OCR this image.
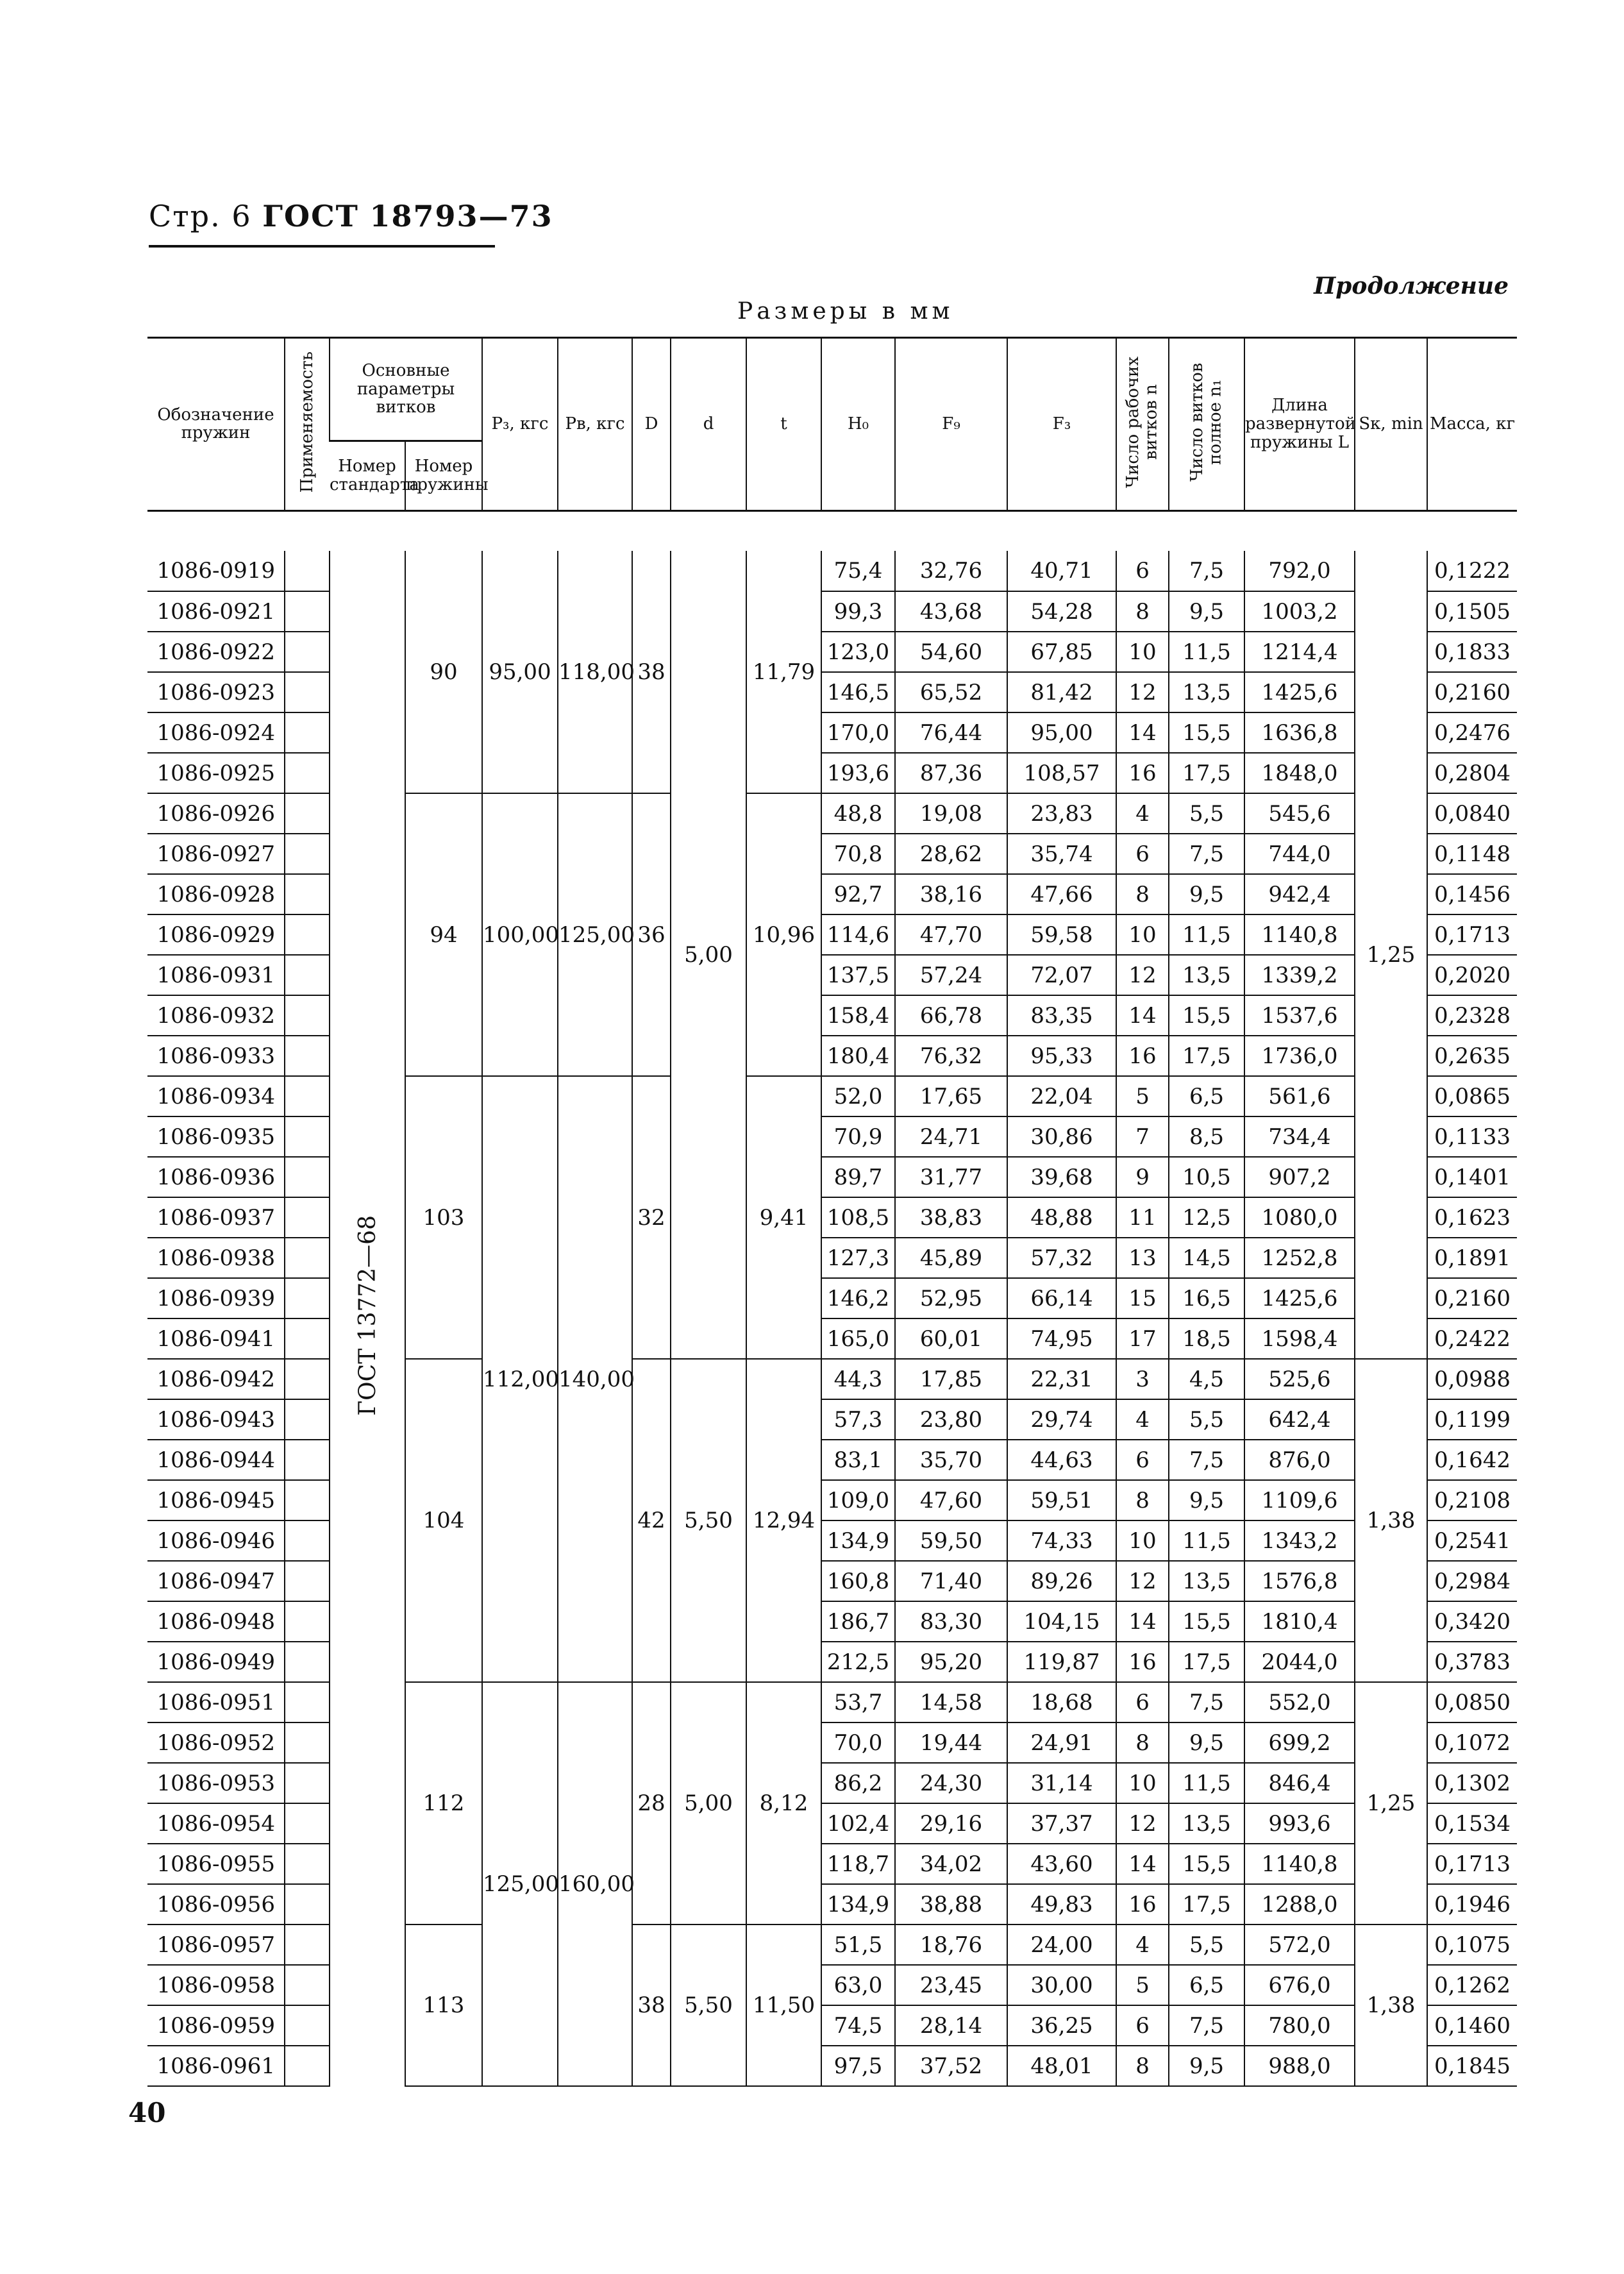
Стр. 6 ГОСТ 18793—73
Продолжение
Размеры в мм
Обозначение пружин	Применяемость	Основные параметры витков		P₃, кгс	Pв, кгс	D	d	t	H₀	F₉	F₃	Число рабочих витков n	Число витков полное n₁	Длина развернутой пружины L	Sк, min	Масса, кг
		Номер стандарта	Номер пружины													

1086-0919		ГОСТ 13772—68	90	95,00	118,00	38	5,00	11,79	75,4	32,76	40,71	6	7,5	792,0	1,25	0,1222
1086-0921									99,3	43,68	54,28	8	9,5	1003,2		0,1505
1086-0922									123,0	54,60	67,85	10	11,5	1214,4		0,1833
1086-0923									146,5	65,52	81,42	12	13,5	1425,6		0,2160
1086-0924									170,0	76,44	95,00	14	15,5	1636,8		0,2476
1086-0925									193,6	87,36	108,57	16	17,5	1848,0		0,2804
1086-0926			94	100,00	125,00	36		10,96	48,8	19,08	23,83	4	5,5	545,6		0,0840
1086-0927									70,8	28,62	35,74	6	7,5	744,0		0,1148
1086-0928									92,7	38,16	47,66	8	9,5	942,4		0,1456
1086-0929									114,6	47,70	59,58	10	11,5	1140,8		0,1713
1086-0931									137,5	57,24	72,07	12	13,5	1339,2		0,2020
1086-0932									158,4	66,78	83,35	14	15,5	1537,6		0,2328
1086-0933									180,4	76,32	95,33	16	17,5	1736,0		0,2635
1086-0934			103	112,00	140,00	32		9,41	52,0	17,65	22,04	5	6,5	561,6		0,0865
1086-0935									70,9	24,71	30,86	7	8,5	734,4		0,1133
1086-0936									89,7	31,77	39,68	9	10,5	907,2		0,1401
1086-0937									108,5	38,83	48,88	11	12,5	1080,0		0,1623
1086-0938									127,3	45,89	57,32	13	14,5	1252,8		0,1891
1086-0939									146,2	52,95	66,14	15	16,5	1425,6		0,2160
1086-0941									165,0	60,01	74,95	17	18,5	1598,4		0,2422
1086-0942			104			42	5,50	12,94	44,3	17,85	22,31	3	4,5	525,6	1,38	0,0988
1086-0943									57,3	23,80	29,74	4	5,5	642,4		0,1199
1086-0944									83,1	35,70	44,63	6	7,5	876,0		0,1642
1086-0945									109,0	47,60	59,51	8	9,5	1109,6		0,2108
1086-0946									134,9	59,50	74,33	10	11,5	1343,2		0,2541
1086-0947									160,8	71,40	89,26	12	13,5	1576,8		0,2984
1086-0948									186,7	83,30	104,15	14	15,5	1810,4		0,3420
1086-0949									212,5	95,20	119,87	16	17,5	2044,0		0,3783
1086-0951			112	125,00	160,00	28	5,00	8,12	53,7	14,58	18,68	6	7,5	552,0	1,25	0,0850
1086-0952									70,0	19,44	24,91	8	9,5	699,2		0,1072
1086-0953									86,2	24,30	31,14	10	11,5	846,4		0,1302
1086-0954									102,4	29,16	37,37	12	13,5	993,6		0,1534
1086-0955									118,7	34,02	43,60	14	15,5	1140,8		0,1713
1086-0956									134,9	38,88	49,83	16	17,5	1288,0		0,1946
1086-0957			113			38	5,50	11,50	51,5	18,76	24,00	4	5,5	572,0	1,38	0,1075
1086-0958									63,0	23,45	30,00	5	6,5	676,0		0,1262
1086-0959									74,5	28,14	36,25	6	7,5	780,0		0,1460
1086-0961									97,5	37,52	48,01	8	9,5	988,0		0,1845
40
